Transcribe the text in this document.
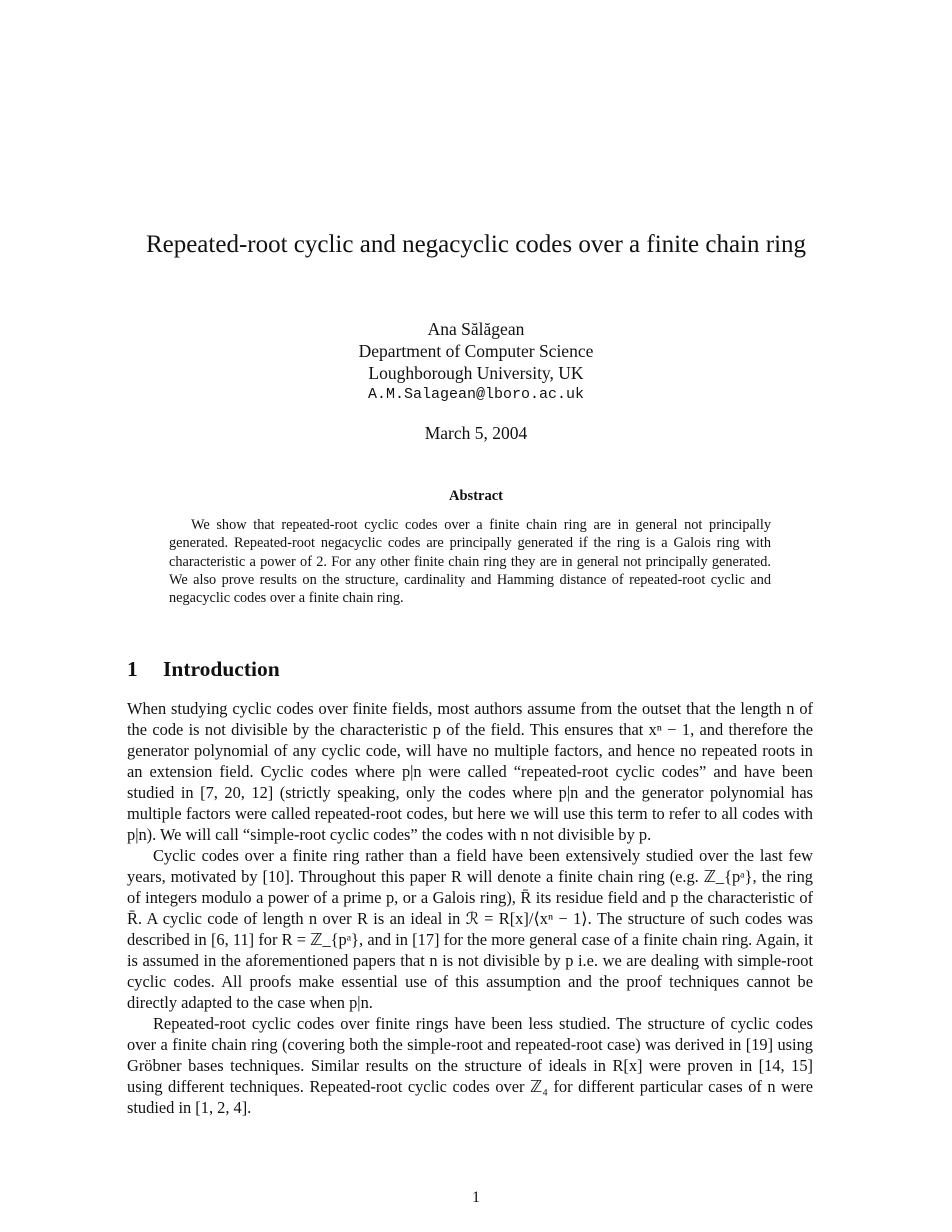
Repeated-root cyclic and negacyclic codes over a finite chain ring
Ana Sălăgean
Department of Computer Science
Loughborough University, UK
A.M.Salagean@lboro.ac.uk
March 5, 2004
Abstract

We show that repeated-root cyclic codes over a finite chain ring are in general not principally generated. Repeated-root negacyclic codes are principally generated if the ring is a Galois ring with characteristic a power of 2. For any other finite chain ring they are in general not principally generated. We also prove results on the structure, cardinality and Hamming distance of repeated-root cyclic and negacyclic codes over a finite chain ring.

1 Introduction

When studying cyclic codes over finite fields, most authors assume from the outset that the length n of the code is not divisible by the characteristic p of the field. This ensures that xⁿ − 1, and therefore the generator polynomial of any cyclic code, will have no multiple factors, and hence no repeated roots in an extension field. Cyclic codes where p|n were called “repeated-root cyclic codes” and have been studied in [7, 20, 12] (strictly speaking, only the codes where p|n and the generator polynomial has multiple factors were called repeated-root codes, but here we will use this term to refer to all codes with p|n). We will call “simple-root cyclic codes” the codes with n not divisible by p.

Cyclic codes over a finite ring rather than a field have been extensively studied over the last few years, motivated by [10]. Throughout this paper R will denote a finite chain ring (e.g. ℤ_{pᵃ}, the ring of integers modulo a power of a prime p, or a Galois ring), R̄ its residue field and p the characteristic of R̄. A cyclic code of length n over R is an ideal in ℛ = R[x]/⟨xⁿ − 1⟩. The structure of such codes was described in [6, 11] for R = ℤ_{pᵃ}, and in [17] for the more general case of a finite chain ring. Again, it is assumed in the aforementioned papers that n is not divisible by p i.e. we are dealing with simple-root cyclic codes. All proofs make essential use of this assumption and the proof techniques cannot be directly adapted to the case when p|n.

Repeated-root cyclic codes over finite rings have been less studied. The structure of cyclic codes over a finite chain ring (covering both the simple-root and repeated-root case) was derived in [19] using Gröbner bases techniques. Similar results on the structure of ideals in R[x] were proven in [14, 15] using different techniques. Repeated-root cyclic codes over ℤ₄ for different particular cases of n were studied in [1, 2, 4].

1
